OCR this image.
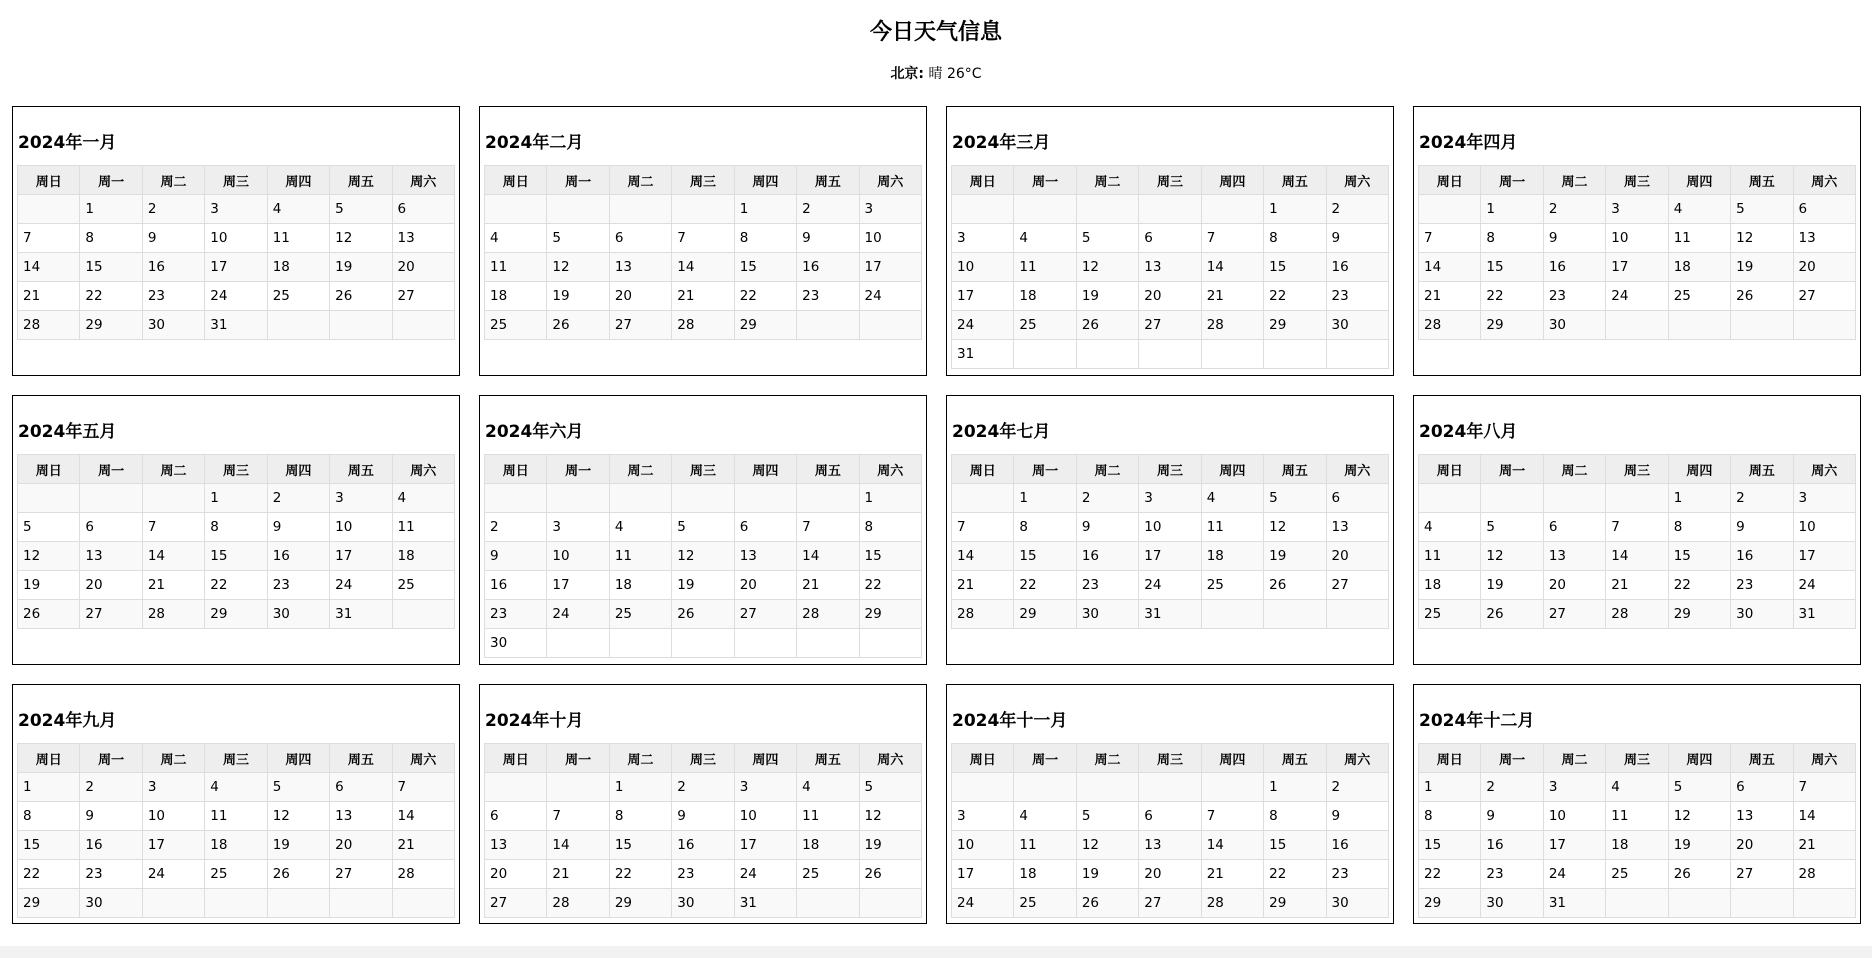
今日天气信息
北京: 晴 26°C
2024年一月
周日	周一	周二	周三	周四	周五	周六
	1	2	3	4	5	6
7	8	9	10	11	12	13
14	15	16	17	18	19	20
21	22	23	24	25	26	27
28	29	30	31			
2024年二月
周日	周一	周二	周三	周四	周五	周六
				1	2	3
4	5	6	7	8	9	10
11	12	13	14	15	16	17
18	19	20	21	22	23	24
25	26	27	28	29		
2024年三月
周日	周一	周二	周三	周四	周五	周六
					1	2
3	4	5	6	7	8	9
10	11	12	13	14	15	16
17	18	19	20	21	22	23
24	25	26	27	28	29	30
31						
2024年四月
周日	周一	周二	周三	周四	周五	周六
	1	2	3	4	5	6
7	8	9	10	11	12	13
14	15	16	17	18	19	20
21	22	23	24	25	26	27
28	29	30				
2024年五月
周日	周一	周二	周三	周四	周五	周六
			1	2	3	4
5	6	7	8	9	10	11
12	13	14	15	16	17	18
19	20	21	22	23	24	25
26	27	28	29	30	31	
2024年六月
周日	周一	周二	周三	周四	周五	周六
						1
2	3	4	5	6	7	8
9	10	11	12	13	14	15
16	17	18	19	20	21	22
23	24	25	26	27	28	29
30						
2024年七月
周日	周一	周二	周三	周四	周五	周六
	1	2	3	4	5	6
7	8	9	10	11	12	13
14	15	16	17	18	19	20
21	22	23	24	25	26	27
28	29	30	31			
2024年八月
周日	周一	周二	周三	周四	周五	周六
				1	2	3
4	5	6	7	8	9	10
11	12	13	14	15	16	17
18	19	20	21	22	23	24
25	26	27	28	29	30	31
2024年九月
周日	周一	周二	周三	周四	周五	周六
1	2	3	4	5	6	7
8	9	10	11	12	13	14
15	16	17	18	19	20	21
22	23	24	25	26	27	28
29	30					
2024年十月
周日	周一	周二	周三	周四	周五	周六
		1	2	3	4	5
6	7	8	9	10	11	12
13	14	15	16	17	18	19
20	21	22	23	24	25	26
27	28	29	30	31		
2024年十一月
周日	周一	周二	周三	周四	周五	周六
					1	2
3	4	5	6	7	8	9
10	11	12	13	14	15	16
17	18	19	20	21	22	23
24	25	26	27	28	29	30
2024年十二月
周日	周一	周二	周三	周四	周五	周六
1	2	3	4	5	6	7
8	9	10	11	12	13	14
15	16	17	18	19	20	21
22	23	24	25	26	27	28
29	30	31				
